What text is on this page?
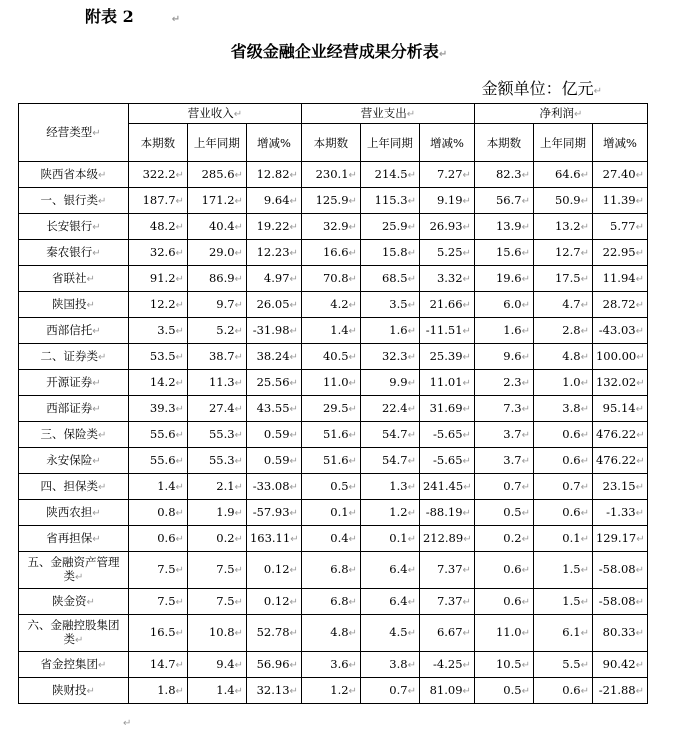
附表 2	↵
省级金融企业经营成果分析表↵
金额单位：亿元↵
经营类型↵	营业收入↵			营业支出↵			净利润↵		
	本期数	上年同期	增减%	本期数	上年同期	增减%	本期数	上年同期	增减%
陕西省本级↵	322.2↵	285.6↵	12.82↵	230.1↵	214.5↵	7.27↵	82.3↵	64.6↵	27.40↵
一、银行类↵	187.7↵	171.2↵	9.64↵	125.9↵	115.3↵	9.19↵	56.7↵	50.9↵	11.39↵
长安银行↵	48.2↵	40.4↵	19.22↵	32.9↵	25.9↵	26.93↵	13.9↵	13.2↵	5.77↵
秦农银行↵	32.6↵	29.0↵	12.23↵	16.6↵	15.8↵	5.25↵	15.6↵	12.7↵	22.95↵
省联社↵	91.2↵	86.9↵	4.97↵	70.8↵	68.5↵	3.32↵	19.6↵	17.5↵	11.94↵
陕国投↵	12.2↵	9.7↵	26.05↵	4.2↵	3.5↵	21.66↵	6.0↵	4.7↵	28.72↵
西部信托↵	3.5↵	5.2↵	-31.98↵	1.4↵	1.6↵	-11.51↵	1.6↵	2.8↵	-43.03↵
二、证券类↵	53.5↵	38.7↵	38.24↵	40.5↵	32.3↵	25.39↵	9.6↵	4.8↵	100.00↵
开源证券↵	14.2↵	11.3↵	25.56↵	11.0↵	9.9↵	11.01↵	2.3↵	1.0↵	132.02↵
西部证券↵	39.3↵	27.4↵	43.55↵	29.5↵	22.4↵	31.69↵	7.3↵	3.8↵	95.14↵
三、保险类↵	55.6↵	55.3↵	0.59↵	51.6↵	54.7↵	-5.65↵	3.7↵	0.6↵	476.22↵
永安保险↵	55.6↵	55.3↵	0.59↵	51.6↵	54.7↵	-5.65↵	3.7↵	0.6↵	476.22↵
四、担保类↵	1.4↵	2.1↵	-33.08↵	0.5↵	1.3↵	241.45↵	0.7↵	0.7↵	23.15↵
陕西农担↵	0.8↵	1.9↵	-57.93↵	0.1↵	1.2↵	-88.19↵	0.5↵	0.6↵	-1.33↵
省再担保↵	0.6↵	0.2↵	163.11↵	0.4↵	0.1↵	212.89↵	0.2↵	0.1↵	129.17↵
五、金融资产管理类↵	7.5↵	7.5↵	0.12↵	6.8↵	6.4↵	7.37↵	0.6↵	1.5↵	-58.08↵
陕金资↵	7.5↵	7.5↵	0.12↵	6.8↵	6.4↵	7.37↵	0.6↵	1.5↵	-58.08↵
六、金融控股集团类↵	16.5↵	10.8↵	52.78↵	4.8↵	4.5↵	6.67↵	11.0↵	6.1↵	80.33↵
省金控集团↵	14.7↵	9.4↵	56.96↵	3.6↵	3.8↵	-4.25↵	10.5↵	5.5↵	90.42↵
陕财投↵	1.8↵	1.4↵	32.13↵	1.2↵	0.7↵	81.09↵	0.5↵	0.6↵	-21.88↵
↵
